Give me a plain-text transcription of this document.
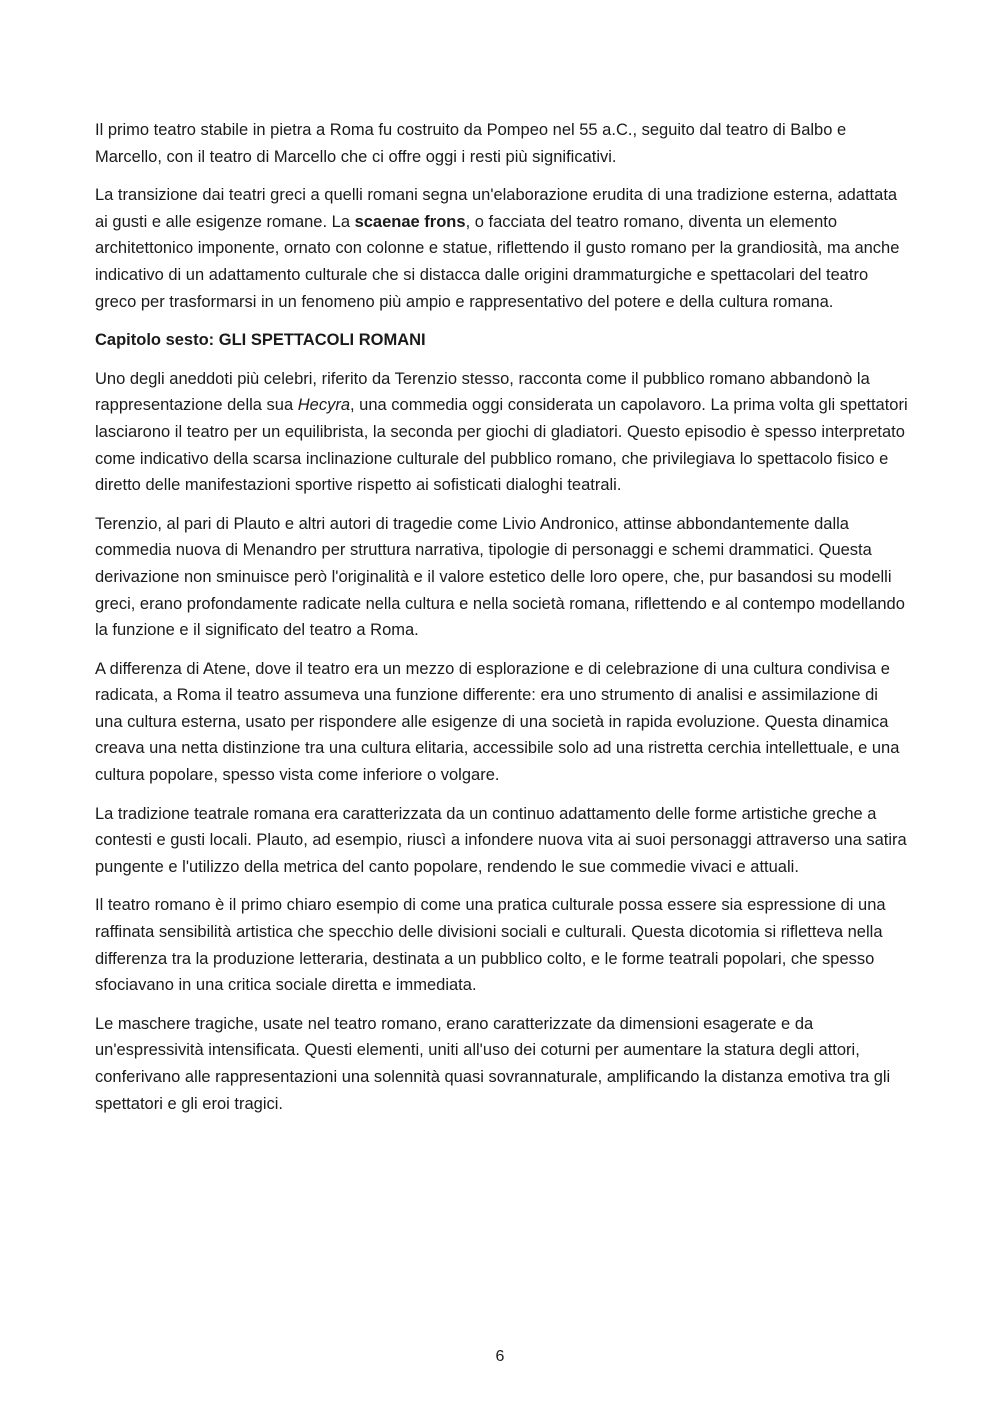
Il primo teatro stabile in pietra a Roma fu costruito da Pompeo nel 55 a.C., seguito dal teatro di Balbo e Marcello, con il teatro di Marcello che ci offre oggi i resti più significativi.

La transizione dai teatri greci a quelli romani segna un'elaborazione erudita di una tradizione esterna, adattata ai gusti e alle esigenze romane. La scaenae frons, o facciata del teatro romano, diventa un elemento architettonico imponente, ornato con colonne e statue, riflettendo il gusto romano per la grandiosità, ma anche indicativo di un adattamento culturale che si distacca dalle origini drammaturgiche e spettacolari del teatro greco per trasformarsi in un fenomeno più ampio e rappresentativo del potere e della cultura romana.

Capitolo sesto: GLI SPETTACOLI ROMANI

Uno degli aneddoti più celebri, riferito da Terenzio stesso, racconta come il pubblico romano abbandonò la rappresentazione della sua Hecyra, una commedia oggi considerata un capolavoro. La prima volta gli spettatori lasciarono il teatro per un equilibrista, la seconda per giochi di gladiatori. Questo episodio è spesso interpretato come indicativo della scarsa inclinazione culturale del pubblico romano, che privilegiava lo spettacolo fisico e diretto delle manifestazioni sportive rispetto ai sofisticati dialoghi teatrali.

Terenzio, al pari di Plauto e altri autori di tragedie come Livio Andronico, attinse abbondantemente dalla commedia nuova di Menandro per struttura narrativa, tipologie di personaggi e schemi drammatici. Questa derivazione non sminuisce però l'originalità e il valore estetico delle loro opere, che, pur basandosi su modelli greci, erano profondamente radicate nella cultura e nella società romana, riflettendo e al contempo modellando la funzione e il significato del teatro a Roma.

A differenza di Atene, dove il teatro era un mezzo di esplorazione e di celebrazione di una cultura condivisa e radicata, a Roma il teatro assumeva una funzione differente: era uno strumento di analisi e assimilazione di una cultura esterna, usato per rispondere alle esigenze di una società in rapida evoluzione. Questa dinamica creava una netta distinzione tra una cultura elitaria, accessibile solo ad una ristretta cerchia intellettuale, e una cultura popolare, spesso vista come inferiore o volgare.

La tradizione teatrale romana era caratterizzata da un continuo adattamento delle forme artistiche greche a contesti e gusti locali. Plauto, ad esempio, riuscì a infondere nuova vita ai suoi personaggi attraverso una satira pungente e l'utilizzo della metrica del canto popolare, rendendo le sue commedie vivaci e attuali.

Il teatro romano è il primo chiaro esempio di come una pratica culturale possa essere sia espressione di una raffinata sensibilità artistica che specchio delle divisioni sociali e culturali. Questa dicotomia si rifletteva nella differenza tra la produzione letteraria, destinata a un pubblico colto, e le forme teatrali popolari, che spesso sfociavano in una critica sociale diretta e immediata.

Le maschere tragiche, usate nel teatro romano, erano caratterizzate da dimensioni esagerate e da un'espressività intensificata. Questi elementi, uniti all'uso dei coturni per aumentare la statura degli attori, conferivano alle rappresentazioni una solennità quasi sovrannaturale, amplificando la distanza emotiva tra gli spettatori e gli eroi tragici.

6
